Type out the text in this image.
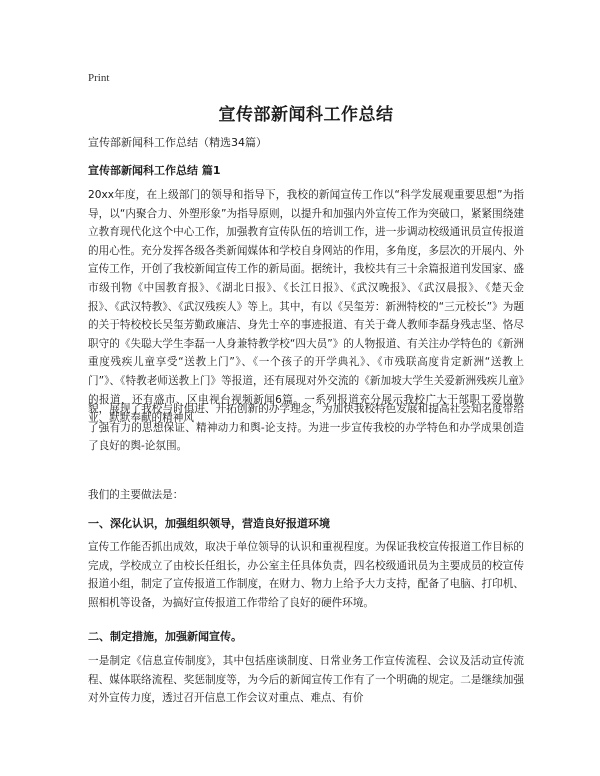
Print
宣传部新闻科工作总结
宣传部新闻科工作总结（精选34篇）
宣传部新闻科工作总结 篇1
20xx年度，在上级部门的领导和指导下，我校的新闻宣传工作以“科学发展观重要思想”为指导，以“内聚合力、外塑形象”为指导原则，以提升和加强内外宣传工作为突破口，紧紧围绕建立教育现代化这个中心工作，加强教育宣传队伍的培训工作，进一步调动校级通讯员宣传报道的用心性。充分发挥各级各类新闻媒体和学校自身网站的作用，多角度，多层次的开展内、外宣传工作，开创了我校新闻宣传工作的新局面。据统计，我校共有三十余篇报道刊发国家、盛市级刊物《中国教育报》、《湖北日报》、《长江日报》、《武汉晚报》、《武汉晨报》、《楚天金报》、《武汉特教》、《武汉残疾人》等上。其中，有以《吴玺芳：新洲特校的“三元校长”》为题的关于特校校长吴玺芳勤政廉洁、身先士卒的事迹报道、有关于聋人教师李磊身残志坚、恪尽职守的《失聪大学生李磊一人身兼特教学校“四大员”》的人物报道、有关注办学特色的《新洲重度残疾儿童享受“送教上门”》、《一个孩子的开学典礼》、《市残联高度肯定新洲“送教上门”》、《特教老师送教上门》等报道，还有展现对外交流的《新加坡大学生关爱新洲残疾儿童》的报道，还有盛市、区电视台视频新闻6篇。一系列报道充分展示我校广大干部职工爱岗敬业、默默奉献的精神风
貌，展现了我校与时俱进、开拓创新的办学理念，为加快我校特色发展和提高社会知名度带给了强有力的思想保证、精神动力和舆-论支持。为进一步宣传我校的办学特色和办学成果创造了良好的舆-论氛围。
我们的主要做法是：
一、深化认识，加强组织领导，营造良好报道环境
宣传工作能否抓出成效，取决于单位领导的认识和重视程度。为保证我校宣传报道工作目标的完成，学校成立了由校长任组长，办公室主任具体负责，四名校级通讯员为主要成员的校宣传报道小组，制定了宣传报道工作制度，在财力、物力上给予大力支持，配备了电脑、打印机、照相机等设备，为搞好宣传报道工作带给了良好的硬件环境。
二、制定措施，加强新闻宣传。
一是制定《信息宣传制度》，其中包括座谈制度、日常业务工作宣传流程、会议及活动宣传流程、媒体联络流程、奖惩制度等，为今后的新闻宣传工作有了一个明确的规定。二是继续加强对外宣传力度，透过召开信息工作会议对重点、难点、有价
